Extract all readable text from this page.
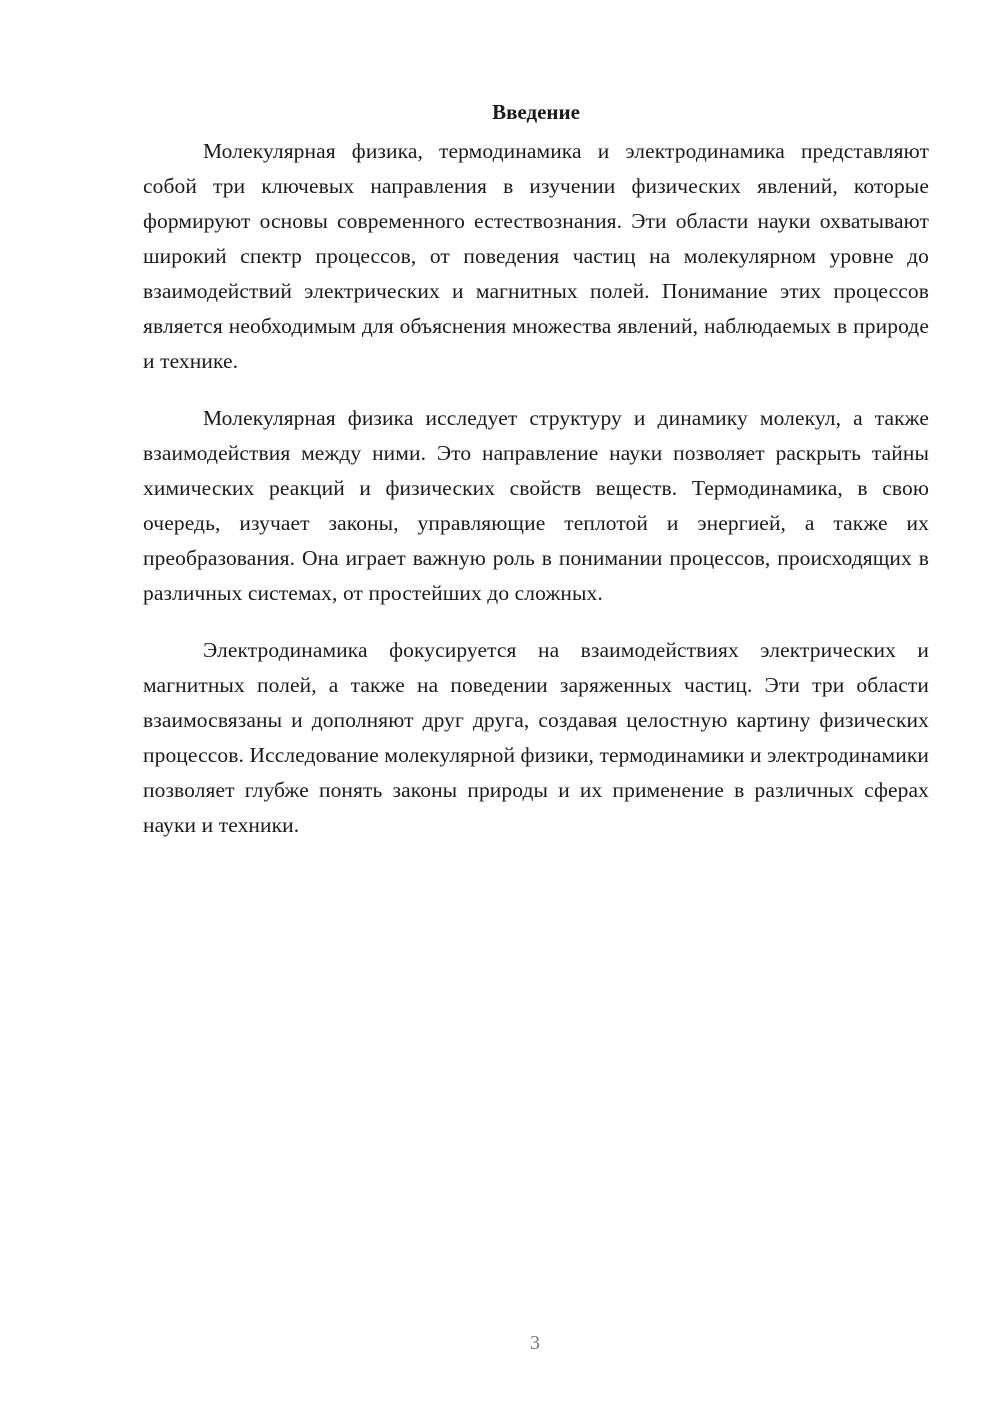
Введение

Молекулярная физика, термодинамика и электродинамика представляют собой три ключевых направления в изучении физических явлений, которые формируют основы современного естествознания. Эти области науки охватывают широкий спектр процессов, от поведения частиц на молекулярном уровне до взаимодействий электрических и магнитных полей. Понимание этих процессов является необходимым для объяснения множества явлений, наблюдаемых в природе и технике.

Молекулярная физика исследует структуру и динамику молекул, а также взаимодействия между ними. Это направление науки позволяет раскрыть тайны химических реакций и физических свойств веществ. Термодинамика, в свою очередь, изучает законы, управляющие теплотой и энергией, а также их преобразования. Она играет важную роль в понимании процессов, происходящих в различных системах, от простейших до сложных.

Электродинамика фокусируется на взаимодействиях электрических и магнитных полей, а также на поведении заряженных частиц. Эти три области взаимосвязаны и дополняют друг друга, создавая целостную картину физических процессов. Исследование молекулярной физики, термодинамики и электродинамики позволяет глубже понять законы природы и их применение в различных сферах науки и техники.

3
